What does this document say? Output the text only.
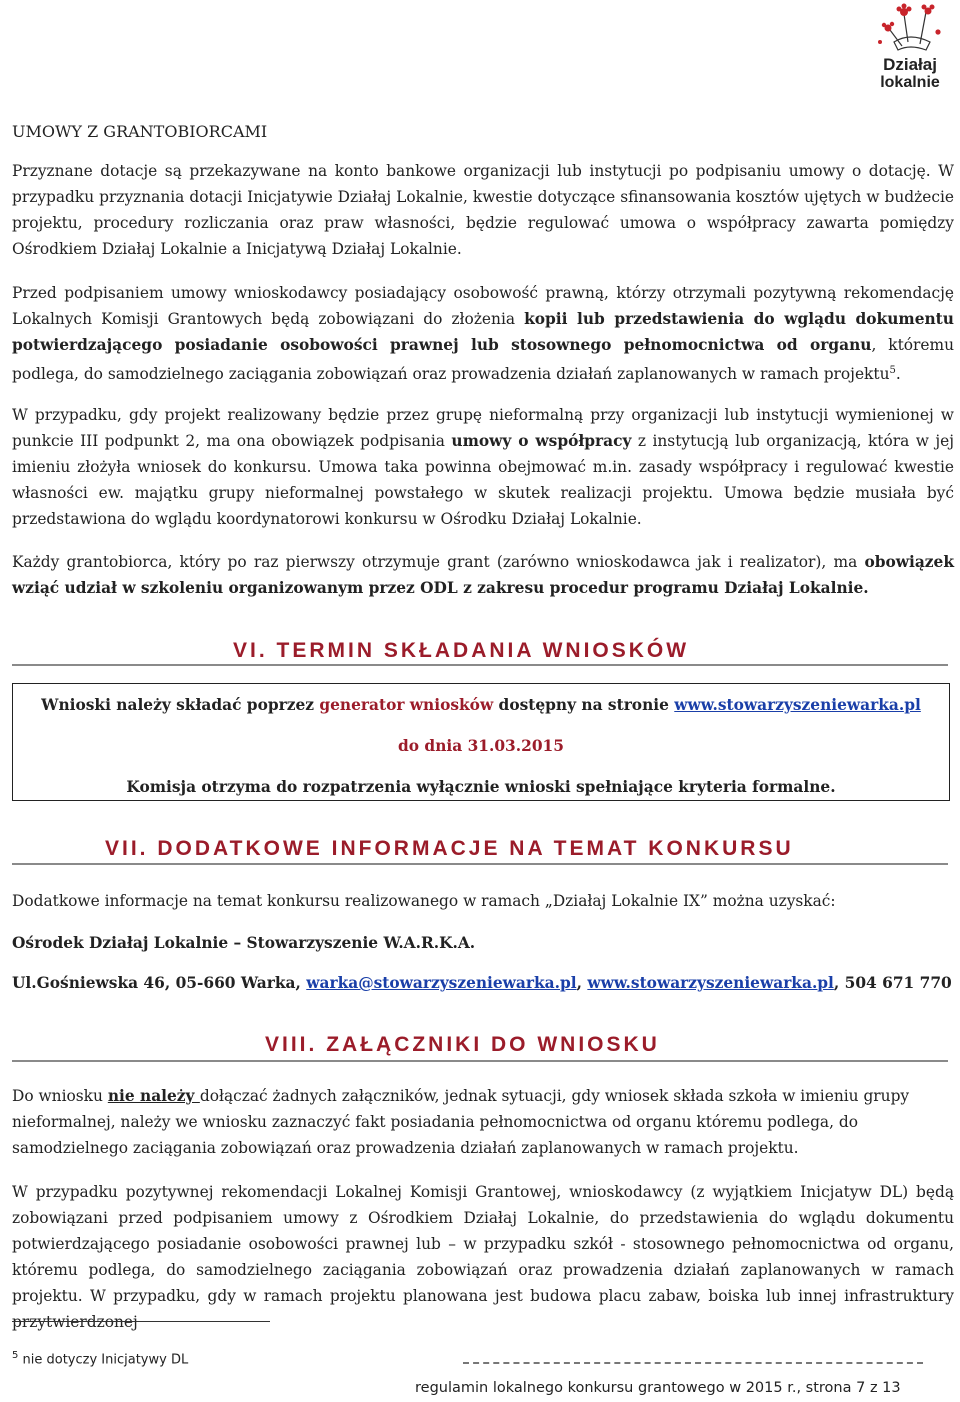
Działaj
lokalnie
UMOWY Z GRANTOBIORCAMI
Przyznane dotacje są przekazywane na konto bankowe organizacji lub instytucji po podpisaniu umowy o dotację. W przypadku przyznania dotacji Inicjatywie Działaj Lokalnie, kwestie dotyczące sfinansowania kosztów ujętych w budżecie projektu, procedury rozliczania oraz praw własności, będzie regulować umowa o współpracy zawarta pomiędzy Ośrodkiem Działaj Lokalnie a Inicjatywą Działaj Lokalnie.
Przed podpisaniem umowy wnioskodawcy posiadający osobowość prawną, którzy otrzymali pozytywną rekomendację Lokalnych Komisji Grantowych będą zobowiązani do złożenia kopii lub przedstawienia do wglądu dokumentu potwierdzającego posiadanie osobowości prawnej lub stosownego pełnomocnictwa od organu, któremu podlega, do samodzielnego zaciągania zobowiązań oraz prowadzenia działań zaplanowanych w ramach projektu$^5$.
W przypadku, gdy projekt realizowany będzie przez grupę nieformalną przy organizacji lub instytucji wymienionej w punkcie III podpunkt 2, ma ona obowiązek podpisania umowy o współpracy z instytucją lub organizacją, która w jej imieniu złożyła wniosek do konkursu. Umowa taka powinna obejmować m.in. zasady współpracy i regulować kwestie własności ew. majątku grupy nieformalnej powstałego w skutek realizacji projektu. Umowa będzie musiała być przedstawiona do wglądu koordynatorowi konkursu w Ośrodku Działaj Lokalnie.
Każdy grantobiorca, który po raz pierwszy otrzymuje grant (zarówno wnioskodawca jak i realizator), ma obowiązek wziąć udział w szkoleniu organizowanym przez ODL z zakresu procedur programu Działaj Lokalnie.
VI. TERMIN SKŁADANIA WNIOSKÓW
Wnioski należy składać poprzez generator wniosków dostępny na stronie www.stowarzyszeniewarka.pl
do dnia 31.03.2015
Komisja otrzyma do rozpatrzenia wyłącznie wnioski spełniające kryteria formalne.
VII. DODATKOWE INFORMACJE NA TEMAT KONKURSU
Dodatkowe informacje na temat konkursu realizowanego w ramach „Działaj Lokalnie IX” można uzyskać:
Ośrodek Działaj Lokalnie – Stowarzyszenie W.A.R.K.A.
Ul.Gośniewska 46, 05-660 Warka, warka@stowarzyszeniewarka.pl, www.stowarzyszeniewarka.pl, 504 671 770
VIII. ZAŁĄCZNIKI DO WNIOSKU
Do wniosku nie należy dołączać żadnych załączników, jednak sytuacji, gdy wniosek składa szkoła w imieniu grupy nieformalnej, należy we wniosku zaznaczyć fakt posiadania pełnomocnictwa od organu któremu podlega, do samodzielnego zaciągania zobowiązań oraz prowadzenia działań zaplanowanych w ramach projektu.
W przypadku pozytywnej rekomendacji Lokalnej Komisji Grantowej, wnioskodawcy (z wyjątkiem Inicjatyw DL) będą zobowiązani przed podpisaniem umowy z Ośrodkiem Działaj Lokalnie, do przedstawienia do wglądu dokumentu potwierdzającego posiadanie osobowości prawnej lub – w przypadku szkół - stosownego pełnomocnictwa od organu, któremu podlega, do samodzielnego zaciągania zobowiązań oraz prowadzenia działań zaplanowanych w ramach projektu. W przypadku, gdy w ramach projektu planowana jest budowa placu zabaw, boiska lub innej infrastruktury przytwierdzonej
$^5$ nie dotyczy Inicjatywy DL
regulamin lokalnego konkursu grantowego w 2015 r., strona 7 z 13
